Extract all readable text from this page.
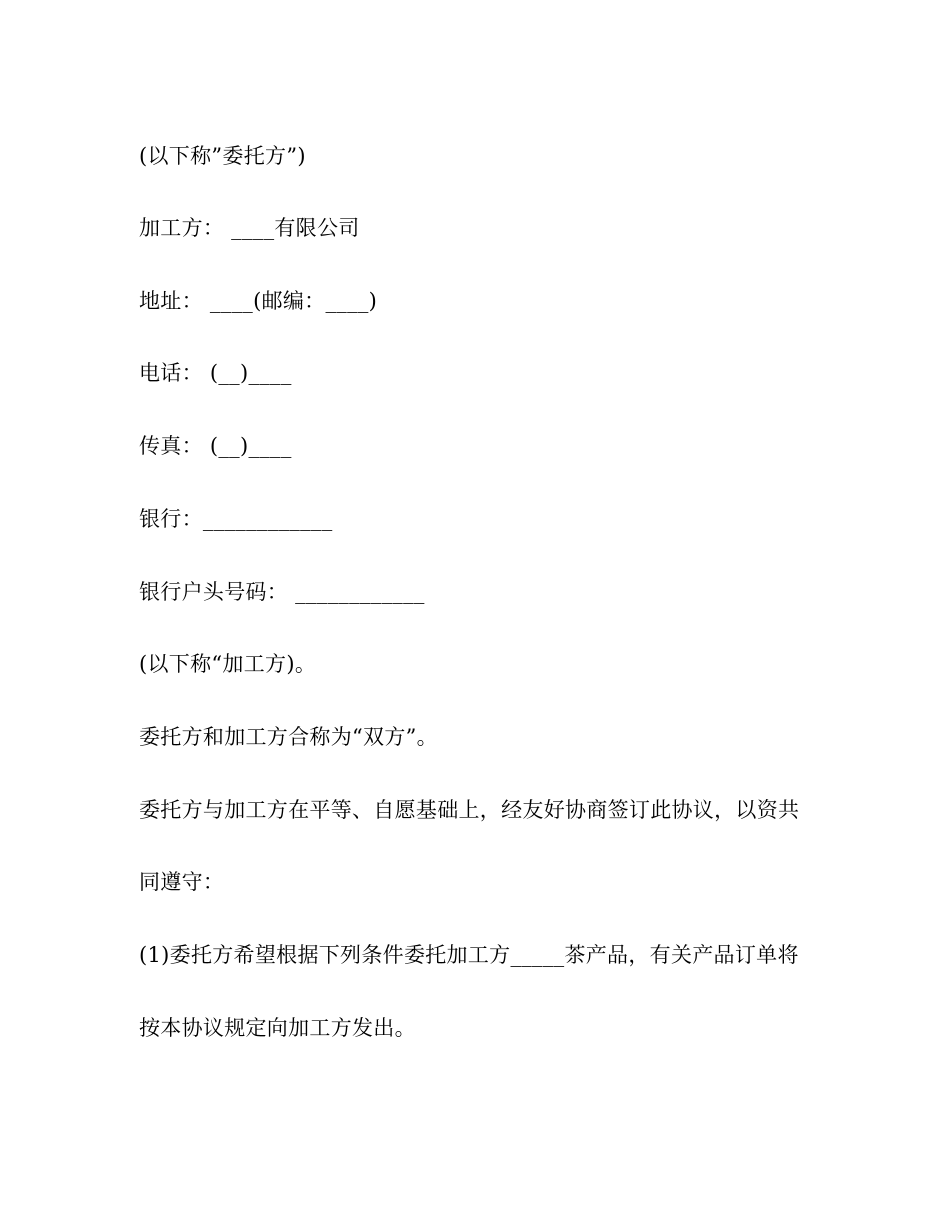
(以下称”委托方”)
加工方： ____有限公司
地址： ____(邮编：____)
电话： (__)____
传真： (__)____
银行：____________
银行户头号码： ____________
(以下称“加工方)。
委托方和加工方合称为“双方”。
委托方与加工方在平等、自愿基础上，经友好协商签订此协议，以资共
同遵守：
(1)委托方希望根据下列条件委托加工方_____茶产品，有关产品订单将
按本协议规定向加工方发出。
